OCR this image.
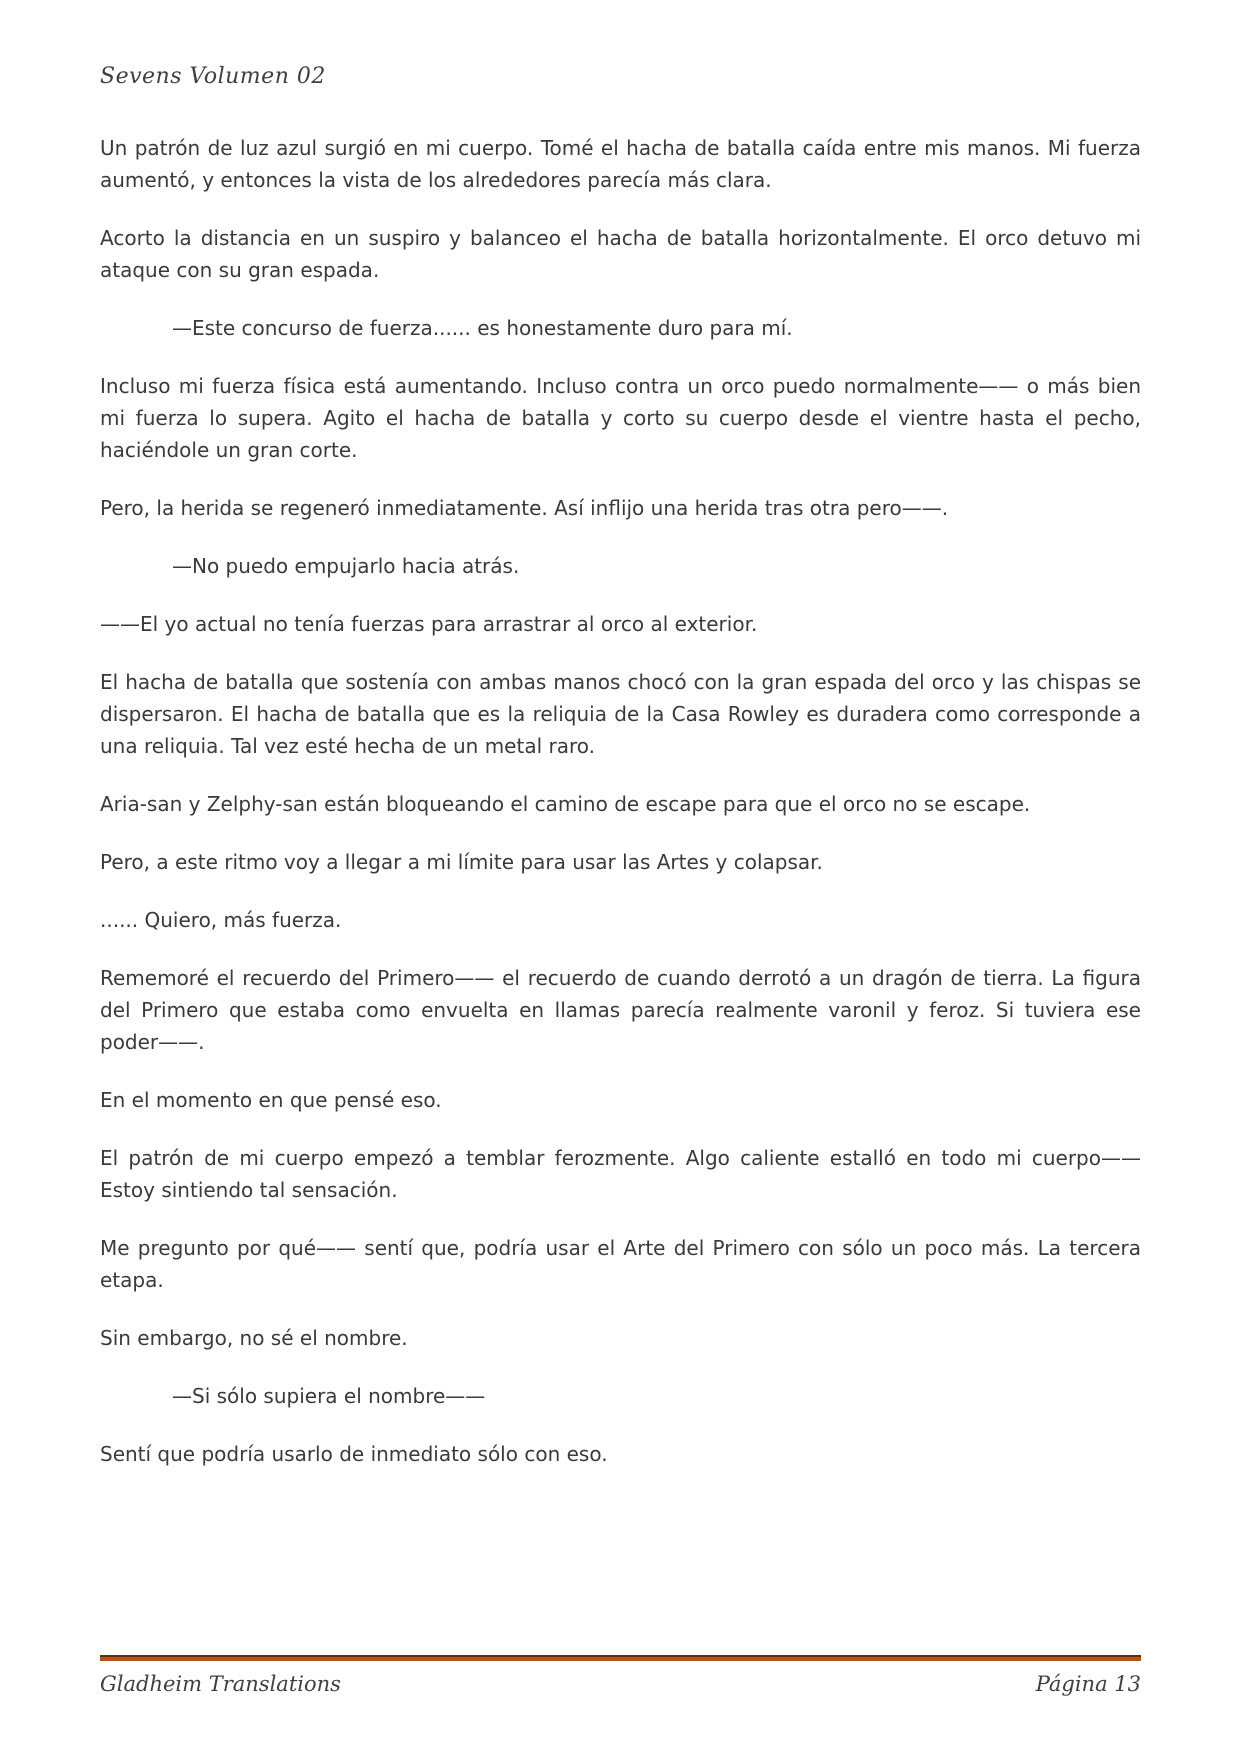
Sevens Volumen 02

Un patrón de luz azul surgió en mi cuerpo. Tomé el hacha de batalla caída entre mis manos. Mi fuerza aumentó, y entonces la vista de los alrededores parecía más clara.

Acorto la distancia en un suspiro y balanceo el hacha de batalla horizontalmente. El orco detuvo mi ataque con su gran espada.

—Este concurso de fuerza...... es honestamente duro para mí.

Incluso mi fuerza física está aumentando. Incluso contra un orco puedo normalmente—— o más bien mi fuerza lo supera. Agito el hacha de batalla y corto su cuerpo desde el vientre hasta el pecho, haciéndole un gran corte.

Pero, la herida se regeneró inmediatamente. Así inflijo una herida tras otra pero——.

—No puedo empujarlo hacia atrás.

——El yo actual no tenía fuerzas para arrastrar al orco al exterior.

El hacha de batalla que sostenía con ambas manos chocó con la gran espada del orco y las chispas se dispersaron. El hacha de batalla que es la reliquia de la Casa Rowley es duradera como corresponde a una reliquia. Tal vez esté hecha de un metal raro.

Aria-san y Zelphy-san están bloqueando el camino de escape para que el orco no se escape.

Pero, a este ritmo voy a llegar a mi límite para usar las Artes y colapsar.

...... Quiero, más fuerza.

Rememoré el recuerdo del Primero—— el recuerdo de cuando derrotó a un dragón de tierra. La figura del Primero que estaba como envuelta en llamas parecía realmente varonil y feroz. Si tuviera ese poder——.

En el momento en que pensé eso.

El patrón de mi cuerpo empezó a temblar ferozmente. Algo caliente estalló en todo mi cuerpo—— Estoy sintiendo tal sensación.

Me pregunto por qué—— sentí que, podría usar el Arte del Primero con sólo un poco más. La tercera etapa.

Sin embargo, no sé el nombre.

—Si sólo supiera el nombre——

Sentí que podría usarlo de inmediato sólo con eso.

Gladheim Translations	Página 13
